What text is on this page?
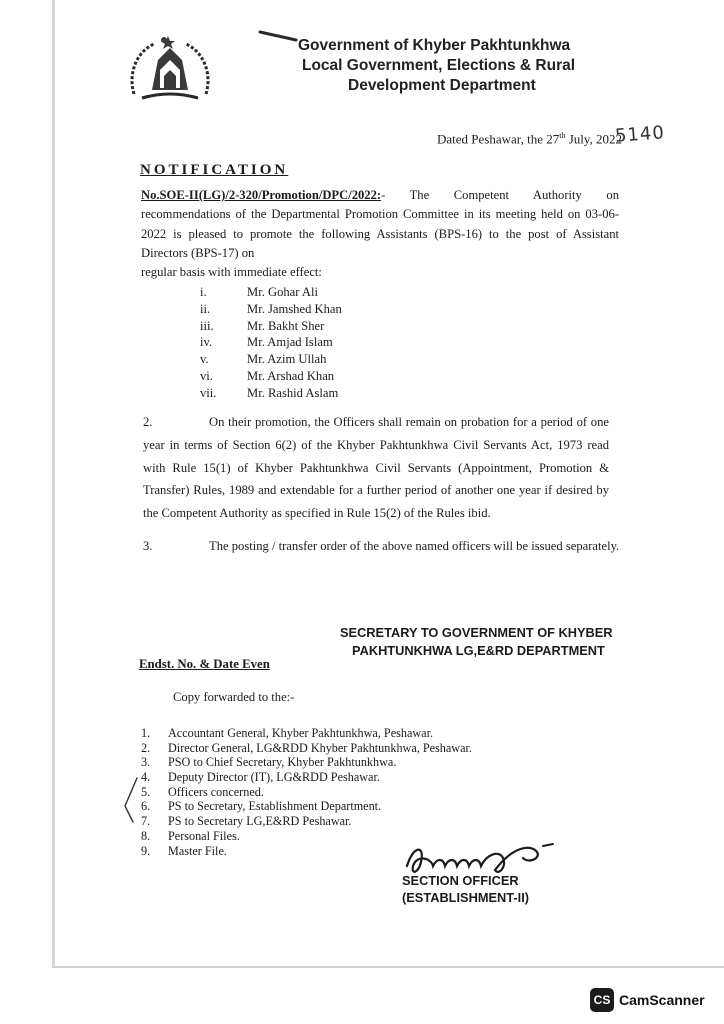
Government of Khyber Pakhtunkhwa
Local Government, Elections & Rural
Development Department
Dated Peshawar, the 27th July, 2022
5140
NOTIFICATION
No.SOE-II(LG)/2-320/Promotion/DPC/2022:- The Competent Authority on recommendations of the Departmental Promotion Committee in its meeting held on 03-06-2022 is pleased to promote the following Assistants (BPS-16) to the post of Assistant Directors (BPS-17) on
regular basis with immediate effect:
i.	Mr. Gohar Ali
ii.	Mr. Jamshed Khan
iii.	Mr. Bakht Sher
iv.	Mr. Amjad Islam
v.	Mr. Azim Ullah
vi.	Mr. Arshad Khan
vii. Mr. Rashid Aslam
2.	On their promotion, the Officers shall remain on probation for a period of one year in terms of Section 6(2) of the Khyber Pakhtunkhwa Civil Servants Act, 1973 read with Rule 15(1) of Khyber Pakhtunkhwa Civil Servants (Appointment, Promotion & Transfer) Rules, 1989 and extendable for a further period of another one year if desired by the Competent Authority as specified in Rule 15(2) of the Rules ibid.
3.	The posting / transfer order of the above named officers will be issued separately.
SECRETARY TO GOVERNMENT OF KHYBER
PAKHTUNKHWA LG,E&RD DEPARTMENT
Endst. No. & Date Even
Copy forwarded to the:-
1. Accountant General, Khyber Pakhtunkhwa, Peshawar.
2. Director General, LG&RDD Khyber Pakhtunkhwa, Peshawar.
3. PSO to Chief Secretary, Khyber Pakhtunkhwa.
4. Deputy Director (IT), LG&RDD Peshawar.
5. Officers concerned.
6. PS to Secretary, Establishment Department.
7. PS to Secretary LG,E&RD Peshawar.
8. Personal Files.
9. Master File.
SECTION OFFICER
(ESTABLISHMENT-II)
CS CamScanner
